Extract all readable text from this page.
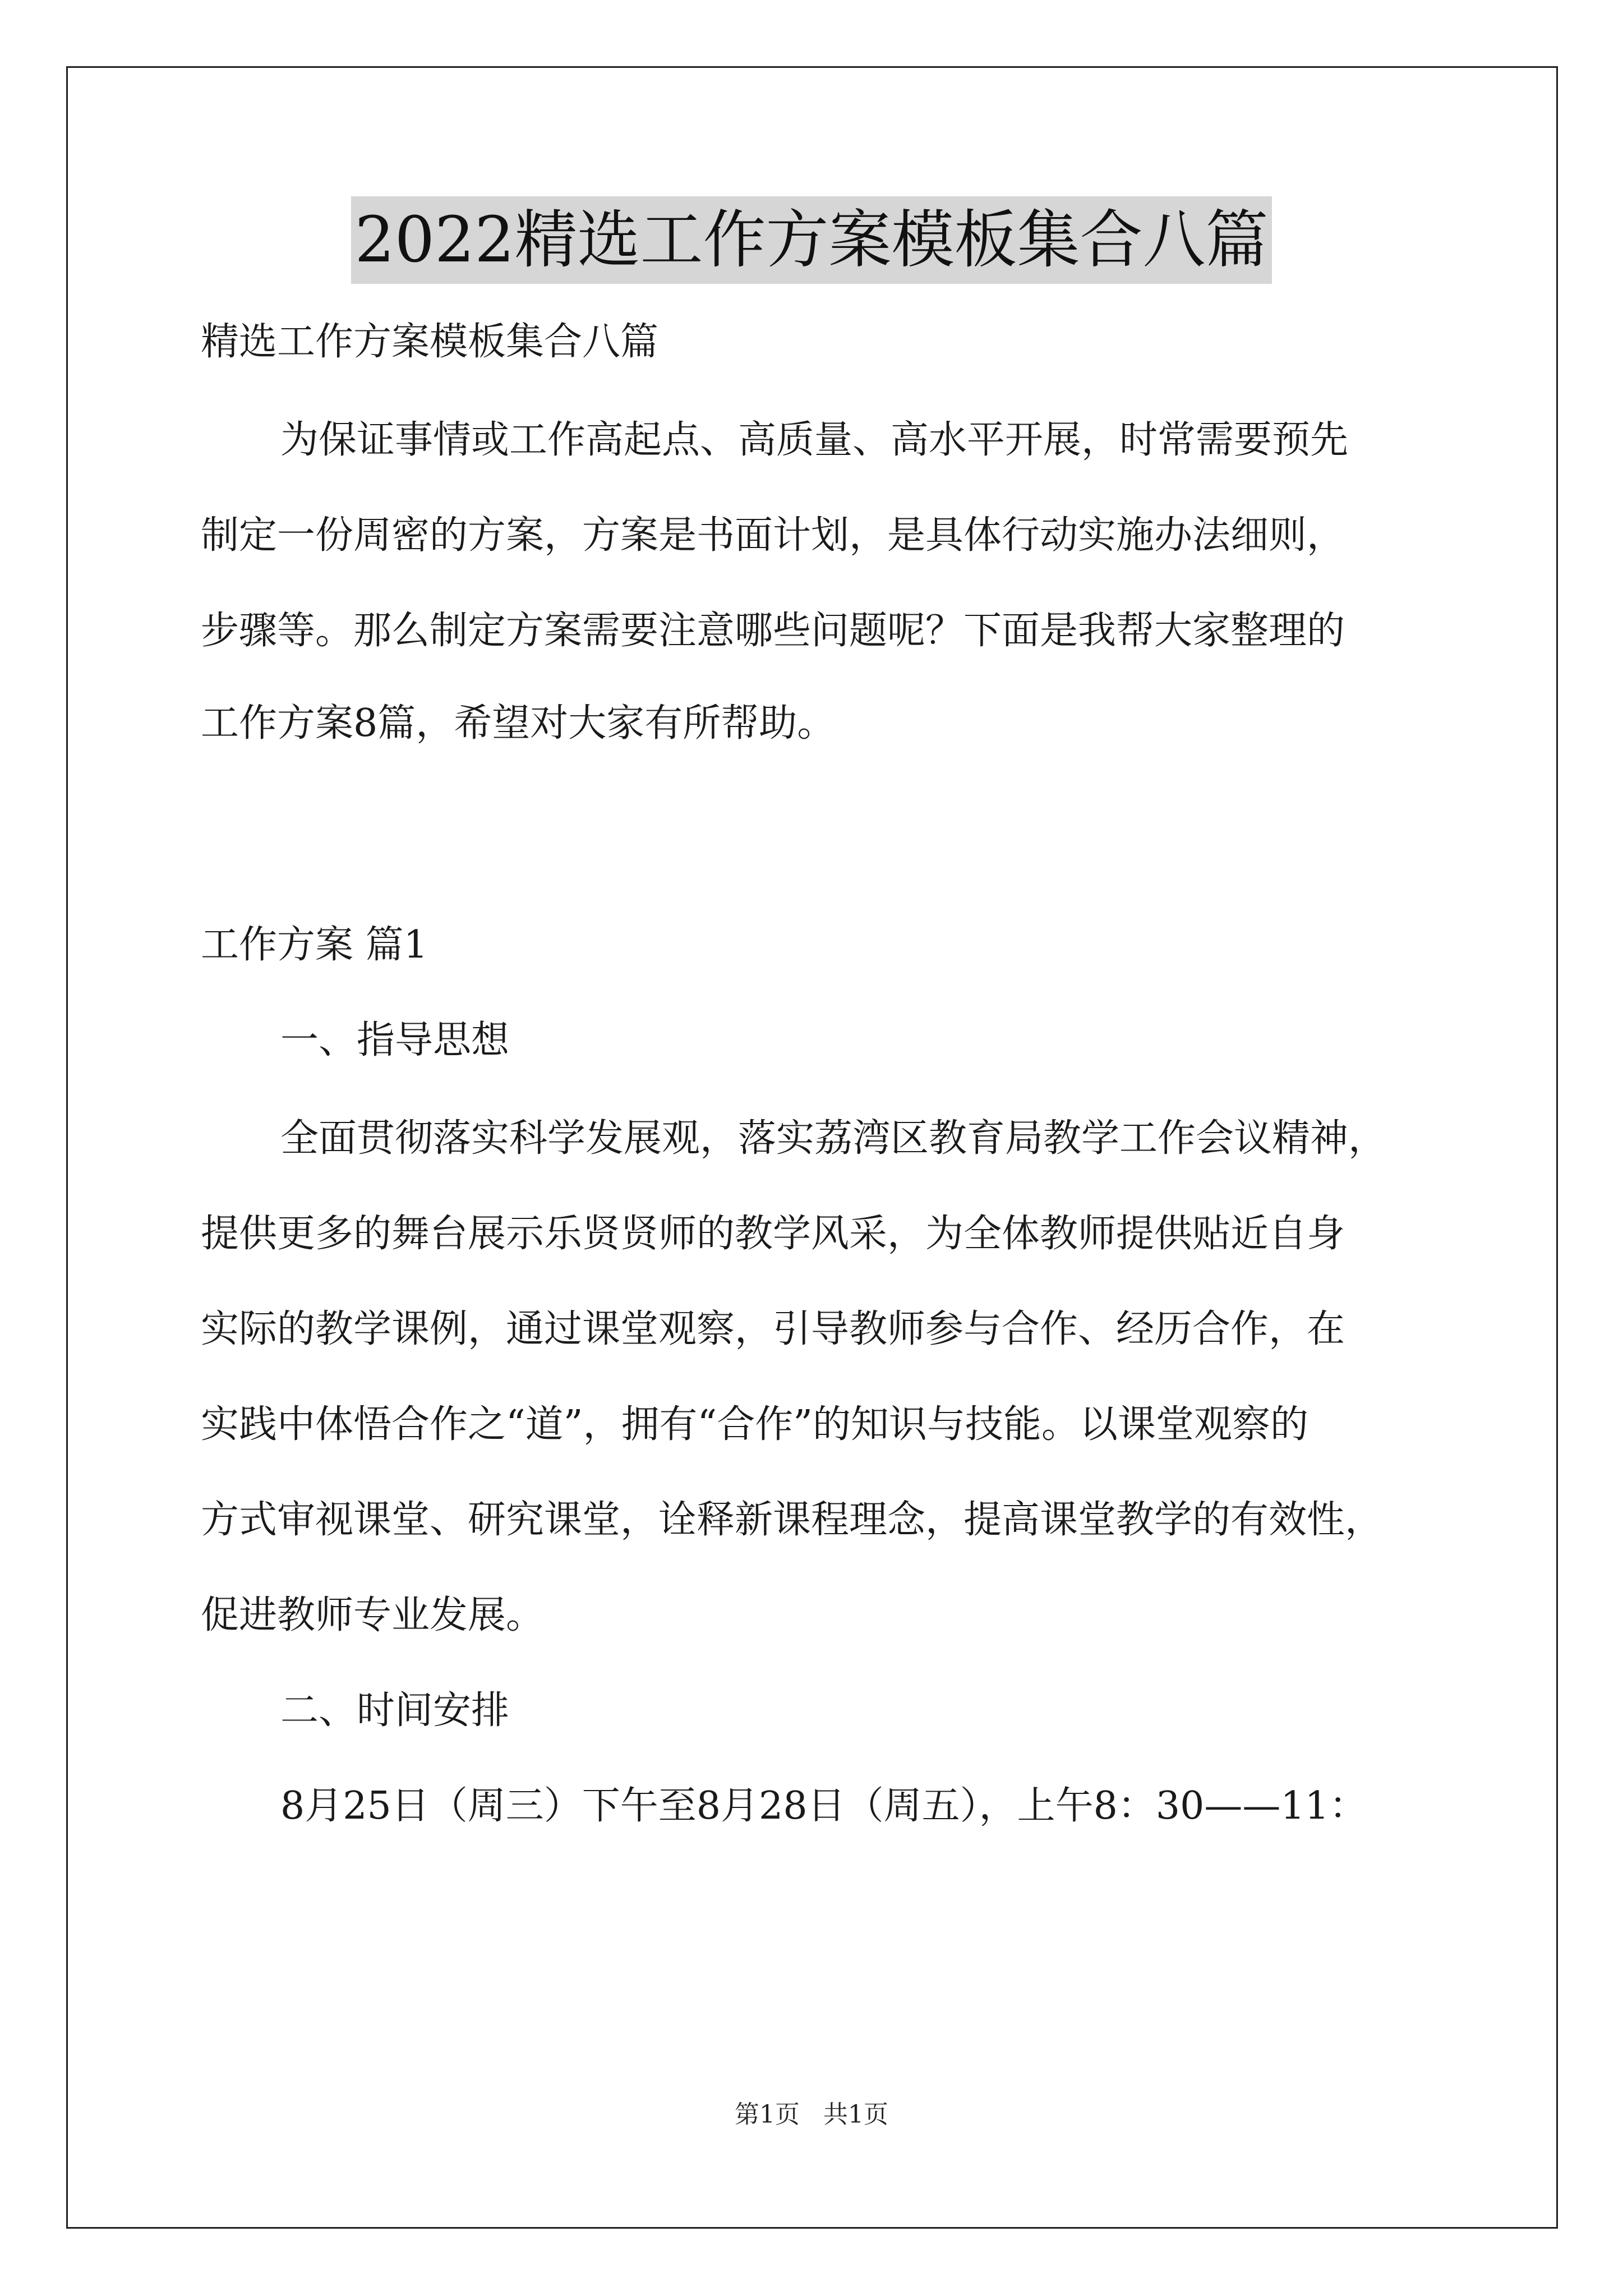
2022精选工作方案模板集合八篇
精选工作方案模板集合八篇
为保证事情或工作高起点、高质量、高水平开展，时常需要预先
制定一份周密的方案，方案是书面计划，是具体行动实施办法细则，
步骤等。那么制定方案需要注意哪些问题呢？下面是我帮大家整理的
工作方案8篇，希望对大家有所帮助。
工作方案 篇1
一、指导思想
全面贯彻落实科学发展观，落实荔湾区教育局教学工作会议精神，
提供更多的舞台展示乐贤贤师的教学风采，为全体教师提供贴近自身
实际的教学课例，通过课堂观察，引导教师参与合作、经历合作，在
实践中体悟合作之“道”，拥有“合作”的知识与技能。以课堂观察的
方式审视课堂、研究课堂，诠释新课程理念，提高课堂教学的有效性，
促进教师专业发展。
二、时间安排
8月25日（周三）下午至8月28日（周五），上午8：30——11：
第1页   共1页
